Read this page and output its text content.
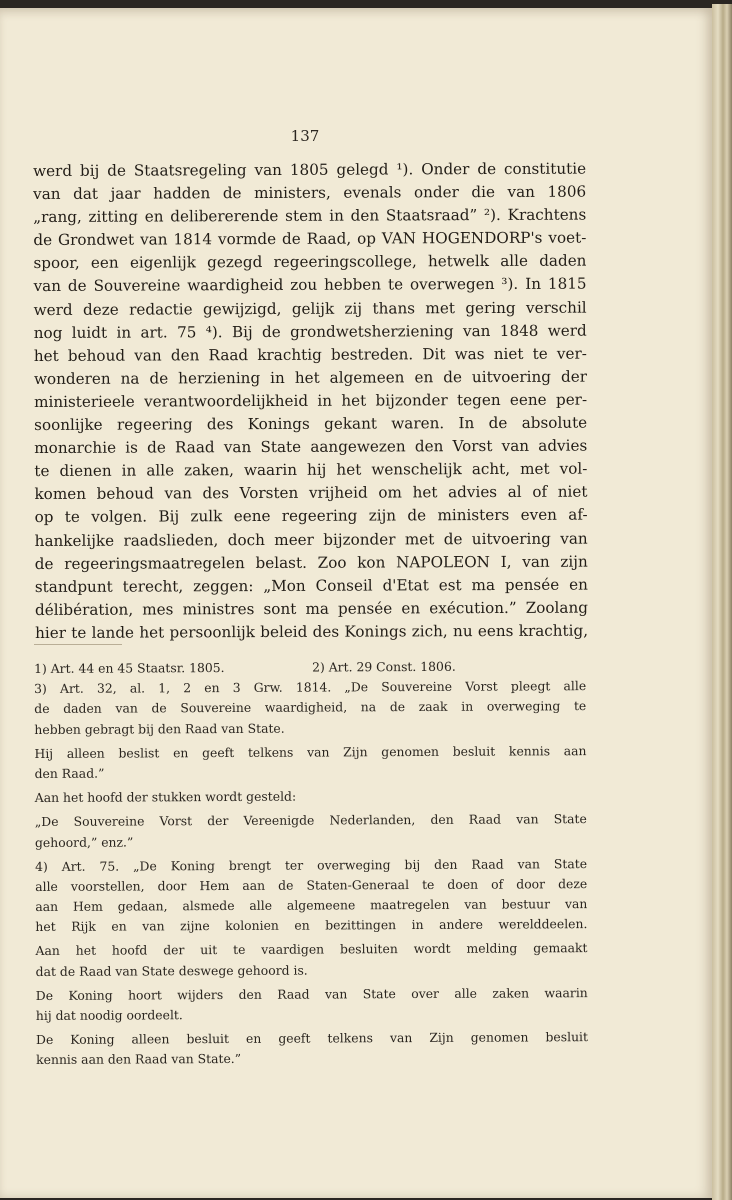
137
werd bij de Staatsregeling van 1805 gelegd ¹). Onder de constitutie
van dat jaar hadden de ministers, evenals onder die van 1806
„rang, zitting en delibererende stem in den Staatsraad” ²). Krachtens
de Grondwet van 1814 vormde de Raad, op VAN HOGENDORP's voet-
spoor, een eigenlijk gezegd regeeringscollege, hetwelk alle daden
van de Souvereine waardigheid zou hebben te overwegen ³). In 1815
werd deze redactie gewijzigd, gelijk zij thans met gering verschil
nog luidt in art. 75 ⁴). Bij de grondwetsherziening van 1848 werd
het behoud van den Raad krachtig bestreden. Dit was niet te ver-
wonderen na de herziening in het algemeen en de uitvoering der
ministerieele verantwoordelijkheid in het bijzonder tegen eene per-
soonlijke regeering des Konings gekant waren. In de absolute
monarchie is de Raad van State aangewezen den Vorst van advies
te dienen in alle zaken, waarin hij het wenschelijk acht, met vol-
komen behoud van des Vorsten vrijheid om het advies al of niet
op te volgen. Bij zulk eene regeering zijn de ministers even af-
hankelijke raadslieden, doch meer bijzonder met de uitvoering van
de regeeringsmaatregelen belast. Zoo kon NAPOLEON I, van zijn
standpunt terecht, zeggen: „Mon Conseil d'Etat est ma pensée en
délibération, mes ministres sont ma pensée en exécution.” Zoolang
hier te lande het persoonlijk beleid des Konings zich, nu eens krachtig,
1) Art. 44 en 45 Staatsr. 1805.	2) Art. 29 Const. 1806.
3) Art. 32, al. 1, 2 en 3 Grw. 1814. „De Souvereine Vorst pleegt alle
de daden van de Souvereine waardigheid, na de zaak in overweging te
hebben gebragt bij den Raad van State.
Hij alleen beslist en geeft telkens van Zijn genomen besluit kennis aan
den Raad.”
Aan het hoofd der stukken wordt gesteld:
„De Souvereine Vorst der Vereenigde Nederlanden, den Raad van State
gehoord,” enz.”
4) Art. 75. „De Koning brengt ter overweging bij den Raad van State
alle voorstellen, door Hem aan de Staten-Generaal te doen of door deze
aan Hem gedaan, alsmede alle algemeene maatregelen van bestuur van
het Rijk en van zijne kolonien en bezittingen in andere werelddeelen.
Aan het hoofd der uit te vaardigen besluiten wordt melding gemaakt
dat de Raad van State deswege gehoord is.
De Koning hoort wijders den Raad van State over alle zaken waarin
hij dat noodig oordeelt.
De Koning alleen besluit en geeft telkens van Zijn genomen besluit
kennis aan den Raad van State.”
